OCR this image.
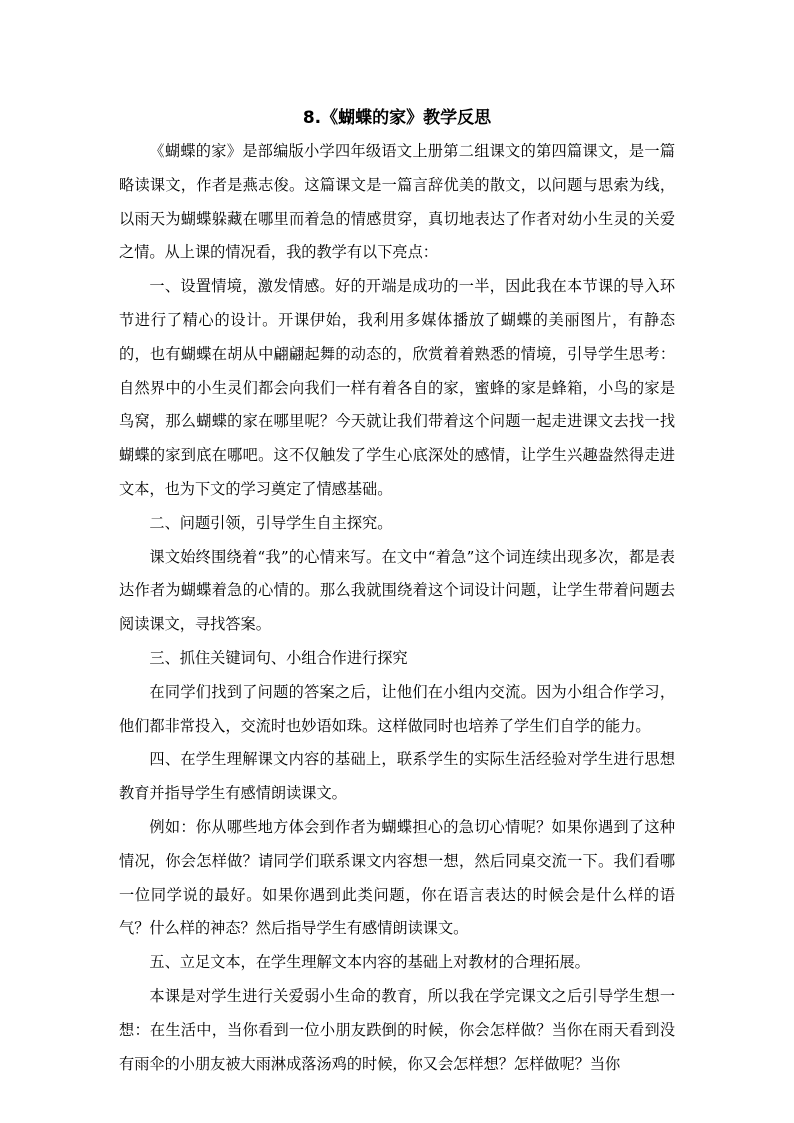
8.《蝴蝶的家》教学反思

《蝴蝶的家》是部编版小学四年级语文上册第二组课文的第四篇课文，是一篇略读课文，作者是燕志俊。这篇课文是一篇言辞优美的散文，以问题与思索为线，以雨天为蝴蝶躲藏在哪里而着急的情感贯穿，真切地表达了作者对幼小生灵的关爱之情。从上课的情况看，我的教学有以下亮点：

一、设置情境，激发情感。好的开端是成功的一半，因此我在本节课的导入环节进行了精心的设计。开课伊始，我利用多媒体播放了蝴蝶的美丽图片，有静态的，也有蝴蝶在胡从中翩翩起舞的动态的，欣赏着着熟悉的情境，引导学生思考：自然界中的小生灵们都会向我们一样有着各自的家，蜜蜂的家是蜂箱，小鸟的家是鸟窝，那么蝴蝶的家在哪里呢？今天就让我们带着这个问题一起走进课文去找一找蝴蝶的家到底在哪吧。这不仅触发了学生心底深处的感情，让学生兴趣盎然得走进文本，也为下文的学习奠定了情感基础。

二、问题引领，引导学生自主探究。

课文始终围绕着“我”的心情来写。在文中“着急”这个词连续出现多次，都是表达作者为蝴蝶着急的心情的。那么我就围绕着这个词设计问题，让学生带着问题去阅读课文，寻找答案。

三、抓住关键词句、小组合作进行探究

在同学们找到了问题的答案之后，让他们在小组内交流。因为小组合作学习，他们都非常投入，交流时也妙语如珠。这样做同时也培养了学生们自学的能力。

四、在学生理解课文内容的基础上，联系学生的实际生活经验对学生进行思想教育并指导学生有感情朗读课文。

例如：你从哪些地方体会到作者为蝴蝶担心的急切心情呢？如果你遇到了这种情况，你会怎样做？请同学们联系课文内容想一想，然后同桌交流一下。我们看哪一位同学说的最好。如果你遇到此类问题，你在语言表达的时候会是什么样的语气？什么样的神态？然后指导学生有感情朗读课文。

五、立足文本，在学生理解文本内容的基础上对教材的合理拓展。

本课是对学生进行关爱弱小生命的教育，所以我在学完课文之后引导学生想一想：在生活中，当你看到一位小朋友跌倒的时候，你会怎样做？当你在雨天看到没有雨伞的小朋友被大雨淋成落汤鸡的时候，你又会怎样想？怎样做呢？当你
